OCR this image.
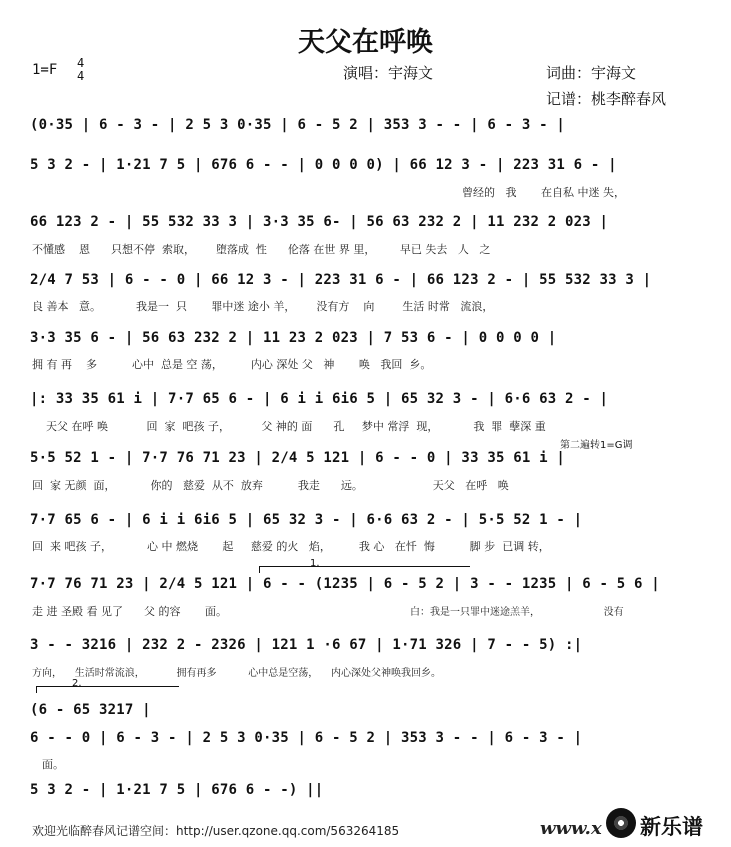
天父在呼唤
1=F 4
4	演唱：宇海文	词曲：宇海文
记谱：桃李醉春风
(0·35 | 6 - 3 - | 2 5 3 0·35 | 6 - 5 2 | 353 3 - - | 6 - 3 - |
5 3 2 - | 1·21 7 5 | 676 6 - - | 0 0 0 0) | 66 12 3 - | 223 31 6 - |
曾经的   我       在自私 中迷 失，
66 123 2 - | 55 532 33 3 | 3·3 35 6- | 56 63 232 2 | 11 232 2 023 |
不懂感    恩      只想不停  索取，      堕落成  性      伦落 在世 界 里，       早已 失去   人   之
2/4 7 53 | 6 - - 0 | 66 12 3 - | 223 31 6 - | 66 123 2 - | 55 532 33 3 |
良 善本   意。          我是一  只       罪中迷 途小 羊，      没有方    向        生活 时常   流浪，
3·3 35 6 - | 56 63 232 2 | 11 23 2 023 | 7 53 6 - | 0 0 0 0 |
拥 有 再    多          心中  总是 空 荡，        内心 深处 父   神       唤   我回  乡。
|: 33 35 61 i | 7·7 65 6 - | 6 i i 6i6 5 | 65 32 3 - | 6·6 63 2 - |
天父 在呼 唤           回  家  吧孩 子，         父 神的 面      孔     梦中 常浮  现，          我  罪  孽深 重
第二遍转1=G调
5·5 52 1 - | 7·7 76 71 23 | 2/4 5 121 | 6 - - 0 | 33 35 61 i |
回  家 无颜  面，          你的   慈爱  从不  放弃          我走      远。                    天父   在呼   唤
7·7 65 6 - | 6 i i 6i6 5 | 65 32 3 - | 6·6 63 2 - | 5·5 52 1 - |
回  来 吧孩 子，          心 中 燃烧       起     慈爱 的火   焰，        我 心   在忏  悔          脚 步  已调 转，
1.
7·7 76 71 23 | 2/4 5 121 | 6 - - (1235 | 6 - 5 2 | 3 - - 1235 | 6 - 5 6 |
走 进 圣殿 看 见了      父 的容       面。	白：我是一只罪中迷途羔羊，                    没有
3 - - 3216 | 232 2 - 2326 | 121 1 ·6 67 | 1·71 326 | 7 - - 5) :|
方向，    生活时常流浪，          拥有再多          心中总是空荡，    内心深处父神唤我回乡。
2.
(6 - 65 3217 |
6 - - 0 | 6 - 3 - | 2 5 3 0·35 | 6 - 5 2 | 353 3 - - | 6 - 3 - |
面。
5 3 2 - | 1·21 7 5 | 676 6 - -) ||
欢迎光临醉春风记谱空间：http://user.qzone.qq.com/563264185	www.x 新乐谱
